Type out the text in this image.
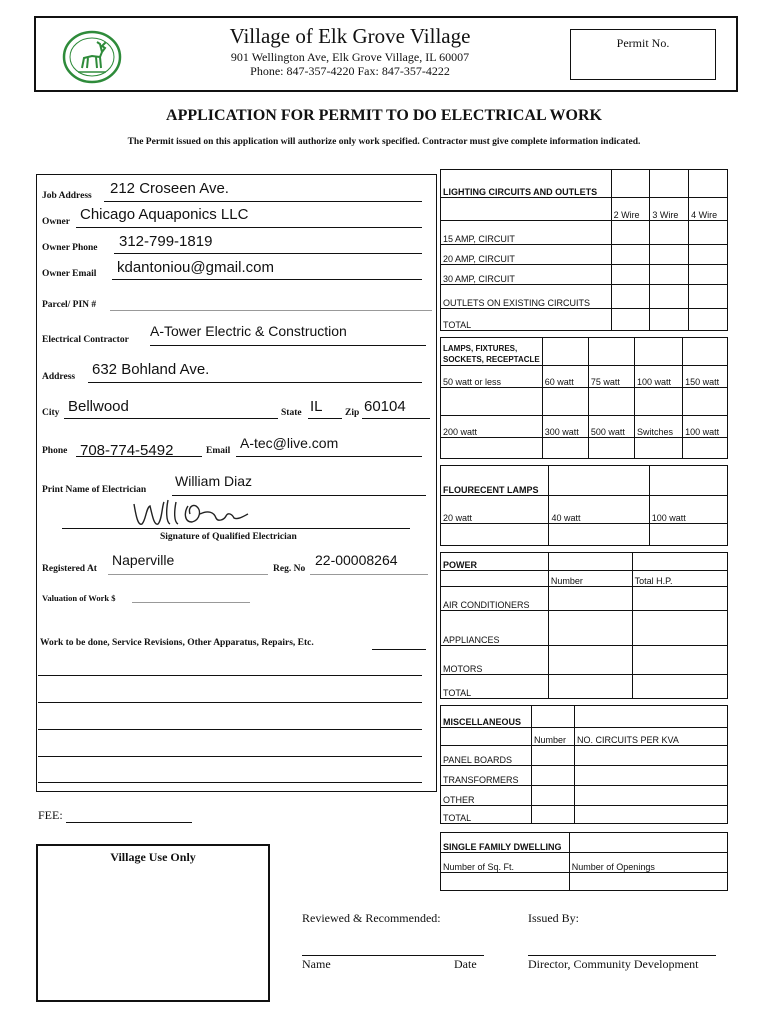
Village of Elk Grove Village
901 Wellington Ave, Elk Grove Village, IL 60007
Phone: 847-357-4220 Fax: 847-357-4222
Permit No.
APPLICATION FOR PERMIT TO DO ELECTRICAL WORK
The Permit issued on this application will authorize only work specified. Contractor must give complete information indicated.
Job Address 212 Croseen Ave.
Owner Chicago Aquaponics LLC
Owner Phone 312-799-1819
Owner Email kdantoniou@gmail.com
Parcel/ PIN #
Electrical Contractor
A-Tower Electric & Construction
Address 632 Bohland Ave.
City Bellwood	State IL Zip 60104
Phone 708-774-5492	Email A-tec@live.com
Print Name of Electrician
William Diaz
Signature of Qualified Electrician
Registered At
Naperville
Reg. No
22-00008264
Valuation of Work $
Work to be done, Service Revisions, Other Apparatus, Repairs, Etc.
FEE:
Village Use Only
Reviewed & Recommended:	Issued By:
Name	Date	Director, Community Development
LIGHTING CIRCUITS AND OUTLETS			
	2 Wire	3 Wire	4 Wire
15 AMP, CIRCUIT			
20 AMP, CIRCUIT			
30 AMP, CIRCUIT			
OUTLETS ON EXISTING CIRCUITS			
TOTAL			
LAMPS, FIXTURES,
SOCKETS, RECEPTACLE				

50 watt or less	60 watt	75 watt	100 watt	150 watt

200 watt	300 watt	500 watt	Switches	100 watt

FLOURECENT LAMPS		
20 watt	40 watt	100 watt

POWER		
	Number	Total H.P.
AIR CONDITIONERS		
APPLIANCES		
MOTORS		
TOTAL		
MISCELLANEOUS		
	Number	NO. CIRCUITS PER KVA
PANEL BOARDS		
TRANSFORMERS		
OTHER		
TOTAL		
SINGLE FAMILY DWELLING	
Number of Sq. Ft.	Number of Openings
